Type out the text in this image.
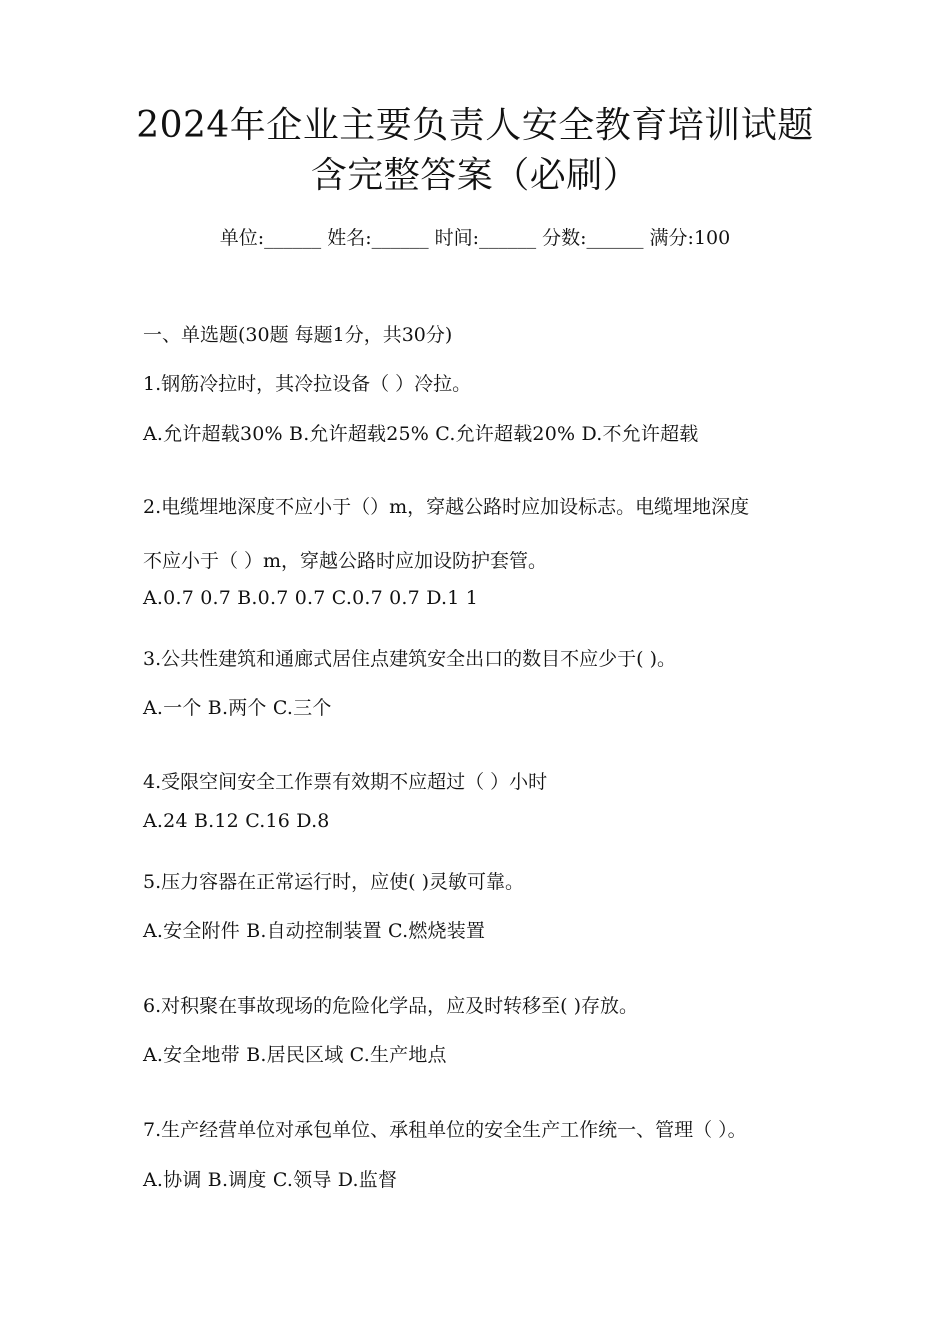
2024年企业主要负责人安全教育培训试题
含完整答案（必刷）
单位:______ 姓名:______ 时间:______ 分数:______ 满分:100
一、单选题(30题 每题1分，共30分)
1.钢筋冷拉时，其冷拉设备（ ）冷拉。
A.允许超载30% B.允许超载25% C.允许超载20% D.不允许超载
2.电缆埋地深度不应小于（）m，穿越公路时应加设标志。电缆埋地深度
不应小于（ ）m，穿越公路时应加设防护套管。
A.0.7 0.7 B.0.7 0.7 C.0.7 0.7 D.1 1
3.公共性建筑和通廊式居住点建筑安全出口的数目不应少于( )。
A.一个 B.两个 C.三个
4.受限空间安全工作票有效期不应超过（ ）小时
A.24 B.12 C.16 D.8
5.压力容器在正常运行时，应使( )灵敏可靠。
A.安全附件 B.自动控制装置 C.燃烧装置
6.对积聚在事故现场的危险化学品，应及时转移至( )存放。
A.安全地带 B.居民区域 C.生产地点
7.生产经营单位对承包单位、承租单位的安全生产工作统一、管理（ ）。
A.协调 B.调度 C.领导 D.监督
